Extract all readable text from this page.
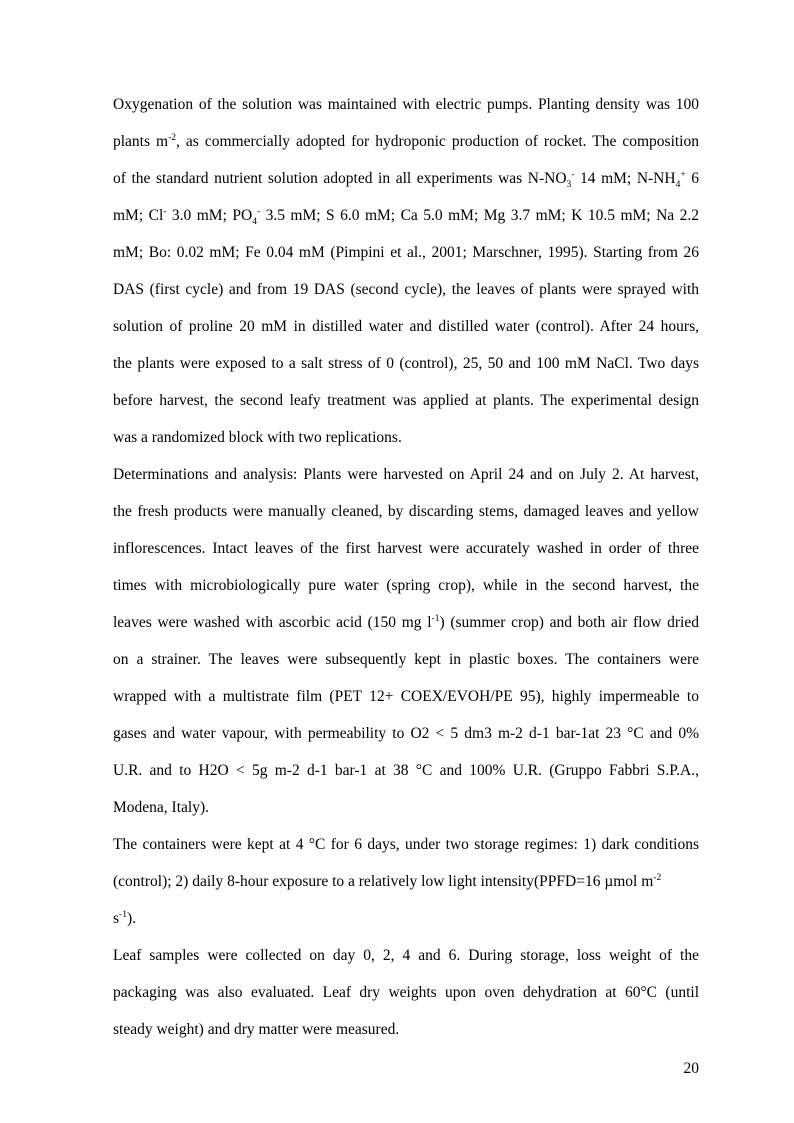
Oxygenation of the solution was maintained with electric pumps. Planting density was 100
plants $m^{-2}$, as commercially adopted for hydroponic production of rocket. The composition
of the standard nutrient solution adopted in all experiments was $N-NO_3^-$ 14 mM; $N-NH_4^+$ 6
mM; Cl- 3.0 mM; $PO_4^-$ 3.5 mM; S 6.0 mM; Ca 5.0 mM; Mg 3.7 mM; K 10.5 mM; Na 2.2
mM; Bo: 0.02 mM; Fe 0.04 mM (Pimpini et al., 2001; Marschner, 1995). Starting from 26
DAS (first cycle) and from 19 DAS (second cycle), the leaves of plants were sprayed with
solution of proline 20 mM in distilled water and distilled water (control). After 24 hours,
the plants were exposed to a salt stress of 0 (control), 25, 50 and 100 mM NaCl. Two days
before harvest, the second leafy treatment was applied at plants. The experimental design
was a randomized block with two replications.
Determinations and analysis: Plants were harvested on April 24 and on July 2. At harvest,
the fresh products were manually cleaned, by discarding stems, damaged leaves and yellow
inflorescences. Intact leaves of the first harvest were accurately washed in order of three
times with microbiologically pure water (spring crop), while in the second harvest, the
leaves were washed with ascorbic acid (150 mg $l^{-1}$) (summer crop) and both air flow dried
on a strainer. The leaves were subsequently kept in plastic boxes. The containers were
wrapped with a multistrate film (PET 12+ COEX/EVOH/PE 95), highly impermeable to
gases and water vapour, with permeability to O2 < 5 dm3 m-2 d-1 bar-1at 23 °C and 0%
U.R. and to H2O < 5g m-2 d-1 bar-1 at 38 °C and 100% U.R. (Gruppo Fabbri S.P.A.,
Modena, Italy).
The containers were kept at 4 °C for 6 days, under two storage regimes: 1) dark conditions
(control); 2) daily 8-hour exposure to a relatively low light intensity(PPFD=16 µmol $m^{-2}$
$s^{-1}$).
Leaf samples were collected on day 0, 2, 4 and 6. During storage, loss weight of the
packaging was also evaluated. Leaf dry weights upon oven dehydration at 60°C (until
steady weight) and dry matter were measured.
20
